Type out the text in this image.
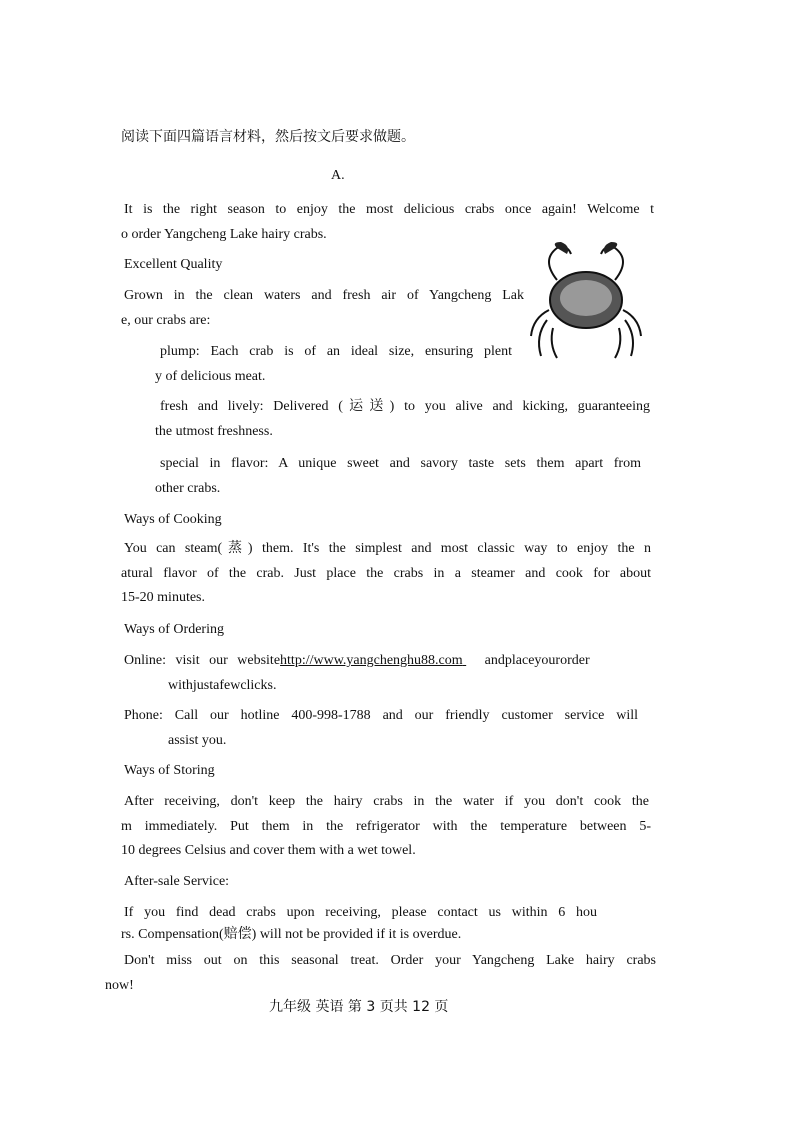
阅读下面四篇语言材料，然后按文后要求做题。
A.
It is the right season to enjoy the most delicious crabs once again! Welcome t
o order Yangcheng Lake hairy crabs.
Excellent Quality
Grown in the clean waters and fresh air of Yangcheng Lak
e, our crabs are:
plump: Each crab is of an ideal size, ensuring plent
y of delicious meat.
fresh and lively: Delivered (运送) to you alive and kicking, guaranteeing
the utmost freshness.
special in flavor: A unique sweet and savory taste sets them apart from
other crabs.
Ways of Cooking
You can steam(蒸) them. It's the simplest and most classic way to enjoy the n
atural flavor of the crab. Just place the crabs in a steamer and cook for about
15-20 minutes.
Ways of Ordering
Online: visit our websitehttp://www.yangchenghu88.com andplaceyourorder
withjustafewclicks.
Phone: Call our hotline 400-998-1788 and our friendly customer service will
assist you.
Ways of Storing
After receiving, don't keep the hairy crabs in the water if you don't cook the
m immediately. Put them in the refrigerator with the temperature between 5-
10 degrees Celsius and cover them with a wet towel.
After-sale Service:
If you find dead crabs upon receiving, please contact us within 6 hou
rs. Compensation(赔偿) will not be provided if it is overdue.
Don't miss out on this seasonal treat. Order your Yangcheng Lake hairy crabs
now!
九年级 英语 第 3 页共 12 页
